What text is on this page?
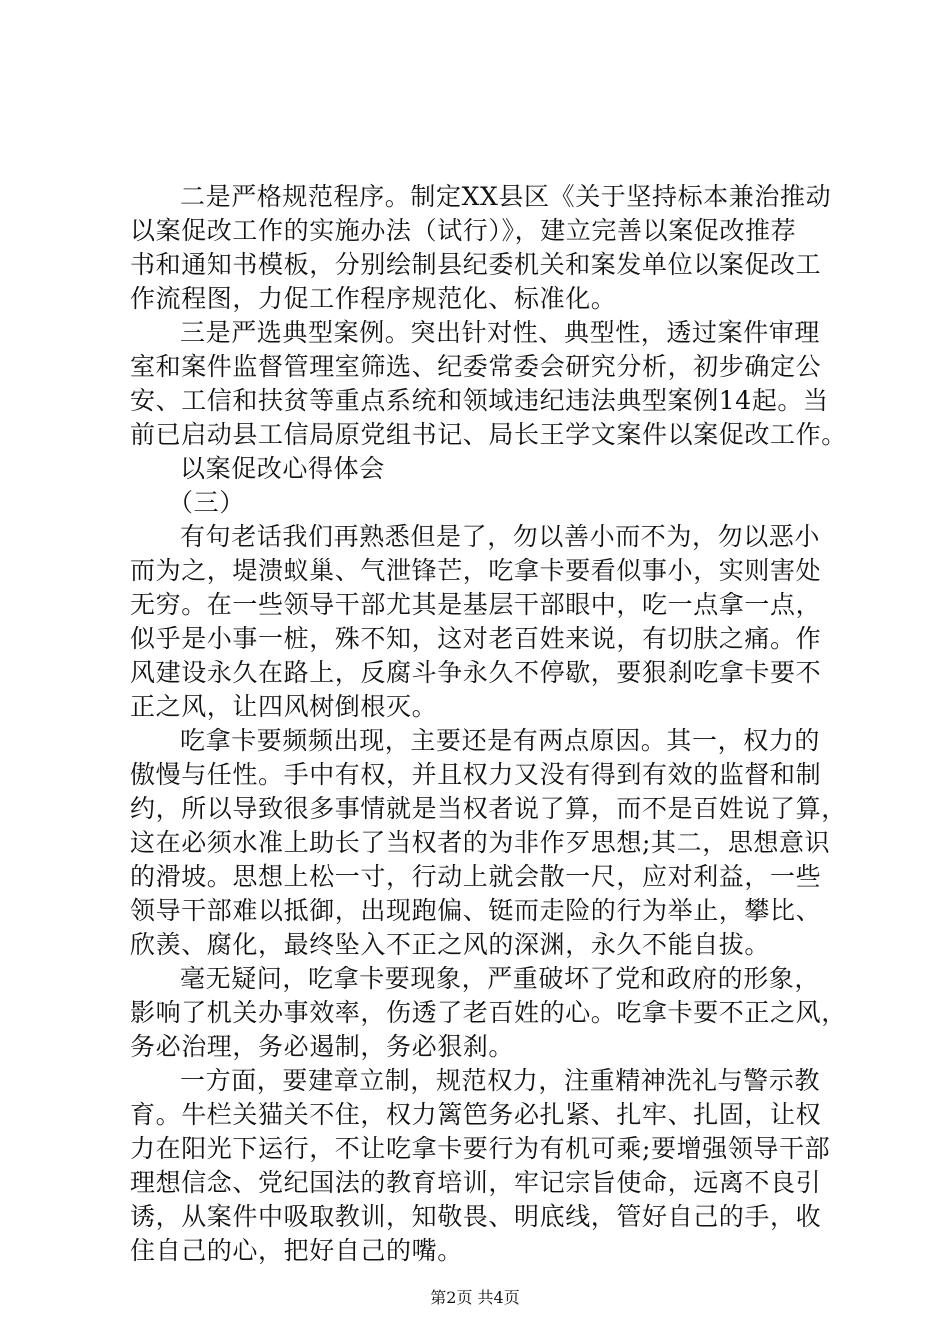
二是严格规范程序。制定XX县区《关于坚持标本兼治推动
以案促改工作的实施办法（试行）》，建立完善以案促改推荐
书和通知书模板，分别绘制县纪委机关和案发单位以案促改工
作流程图，力促工作程序规范化、标准化。
三是严选典型案例。突出针对性、典型性，透过案件审理
室和案件监督管理室筛选、纪委常委会研究分析，初步确定公
安、工信和扶贫等重点系统和领域违纪违法典型案例14起。当
前已启动县工信局原党组书记、局长王学文案件以案促改工作。
以案促改心得体会
（三）
有句老话我们再熟悉但是了，勿以善小而不为，勿以恶小
而为之，堤溃蚁巢、气泄锋芒，吃拿卡要看似事小，实则害处
无穷。在一些领导干部尤其是基层干部眼中，吃一点拿一点，
似乎是小事一桩，殊不知，这对老百姓来说，有切肤之痛。作
风建设永久在路上，反腐斗争永久不停歇，要狠刹吃拿卡要不
正之风，让四风树倒根灭。
吃拿卡要频频出现，主要还是有两点原因。其一，权力的
傲慢与任性。手中有权，并且权力又没有得到有效的监督和制
约，所以导致很多事情就是当权者说了算，而不是百姓说了算，
这在必须水准上助长了当权者的为非作歹思想;其二，思想意识
的滑坡。思想上松一寸，行动上就会散一尺，应对利益，一些
领导干部难以抵御，出现跑偏、铤而走险的行为举止，攀比、
欣羡、腐化，最终坠入不正之风的深渊，永久不能自拔。
毫无疑问，吃拿卡要现象，严重破坏了党和政府的形象，
影响了机关办事效率，伤透了老百姓的心。吃拿卡要不正之风，
务必治理，务必遏制，务必狠刹。
一方面，要建章立制，规范权力，注重精神洗礼与警示教
育。牛栏关猫关不住，权力篱笆务必扎紧、扎牢、扎固，让权
力在阳光下运行，不让吃拿卡要行为有机可乘;要增强领导干部
理想信念、党纪国法的教育培训，牢记宗旨使命，远离不良引
诱，从案件中吸取教训，知敬畏、明底线，管好自己的手，收
住自己的心，把好自己的嘴。
第2页 共4页
